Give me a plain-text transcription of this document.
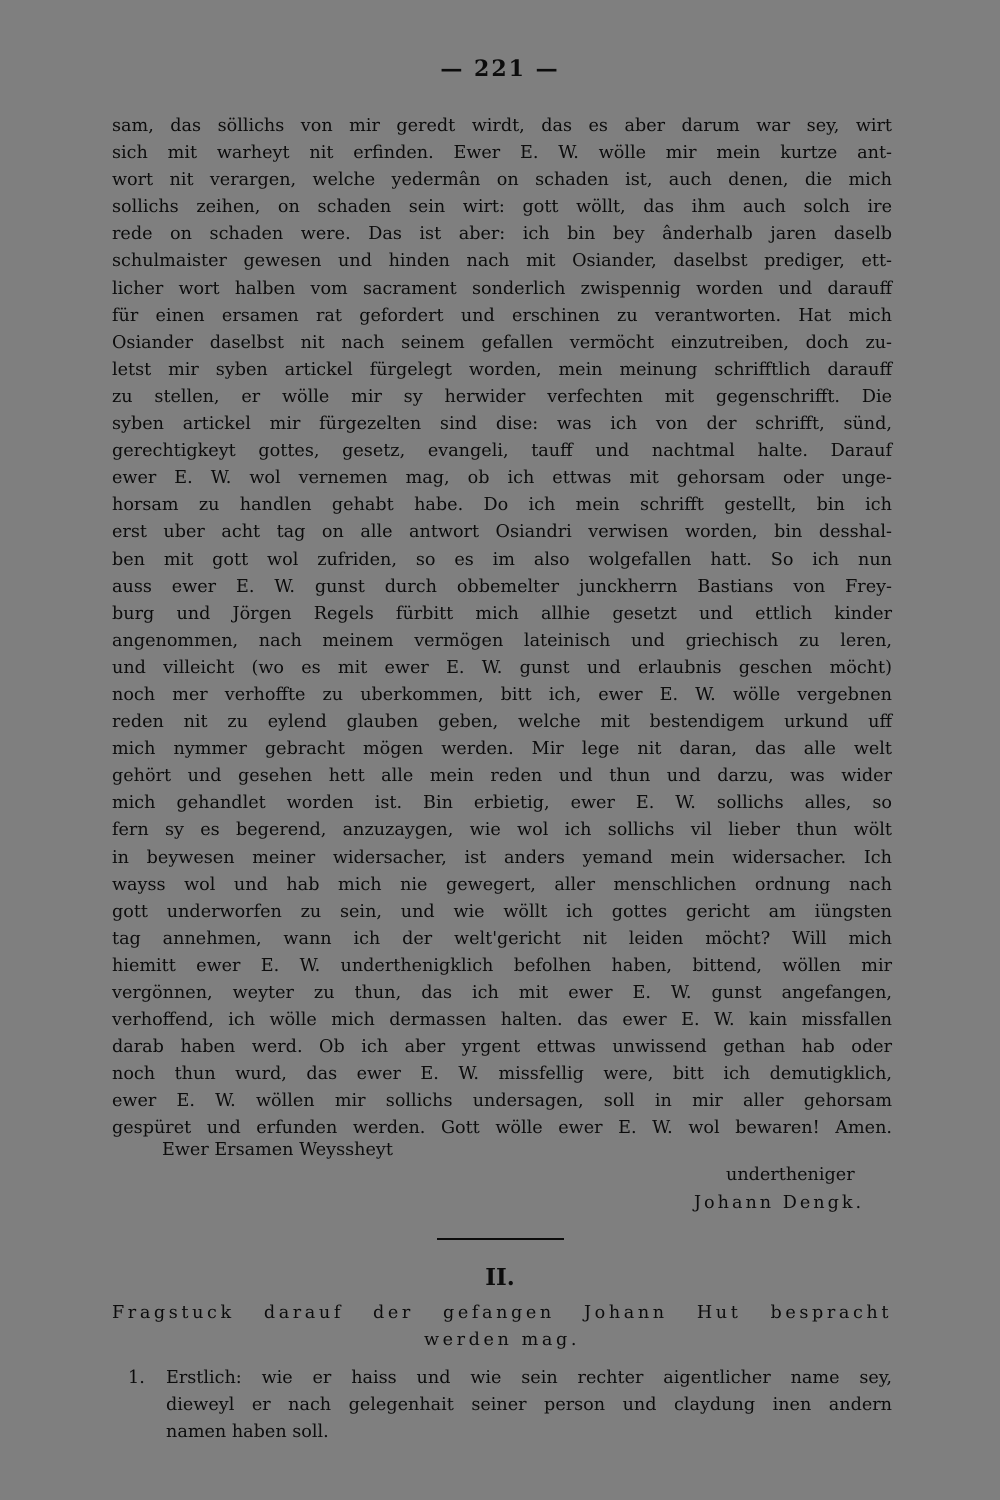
— 221 —
sam, das söllichs von mir geredt wirdt, das es aber darum war sey, wirt
sich mit warheyt nit erfinden. Ewer E. W. wölle mir mein kurtze ant-
wort nit verargen, welche yedermân on schaden ist, auch denen, die mich
sollichs zeihen, on schaden sein wirt: gott wöllt, das ihm auch solch ire
rede on schaden were. Das ist aber: ich bin bey ânderhalb jaren daselb
schulmaister gewesen und hinden nach mit Osiander, daselbst prediger, ett-
licher wort halben vom sacrament sonderlich zwispennig worden und darauff
für einen ersamen rat gefordert und erschinen zu verantworten. Hat mich
Osiander daselbst nit nach seinem gefallen vermöcht einzutreiben, doch zu-
letst mir syben artickel fürgelegt worden, mein meinung schrifftlich darauff
zu stellen, er wölle mir sy herwider verfechten mit gegenschrifft. Die
syben artickel mir fürgezelten sind dise: was ich von der schrifft, sünd,
gerechtigkeyt gottes, gesetz, evangeli, tauff und nachtmal halte. Darauf
ewer E. W. wol vernemen mag, ob ich ettwas mit gehorsam oder unge-
horsam zu handlen gehabt habe. Do ich mein schrifft gestellt, bin ich
erst uber acht tag on alle antwort Osiandri verwisen worden, bin desshal-
ben mit gott wol zufriden, so es im also wolgefallen hatt. So ich nun
auss ewer E. W. gunst durch obbemelter junckherrn Bastians von Frey-
burg und Jörgen Regels fürbitt mich allhie gesetzt und ettlich kinder
angenommen, nach meinem vermögen lateinisch und griechisch zu leren,
und villeicht (wo es mit ewer E. W. gunst und erlaubnis geschen möcht)
noch mer verhoffte zu uberkommen, bitt ich, ewer E. W. wölle vergebnen
reden nit zu eylend glauben geben, welche mit bestendigem urkund uff
mich nymmer gebracht mögen werden. Mir lege nit daran, das alle welt
gehört und gesehen hett alle mein reden und thun und darzu, was wider
mich gehandlet worden ist. Bin erbietig, ewer E. W. sollichs alles, so
fern sy es begerend, anzuzaygen, wie wol ich sollichs vil lieber thun wölt
in beywesen meiner widersacher, ist anders yemand mein widersacher. Ich
wayss wol und hab mich nie gewegert, aller menschlichen ordnung nach
gott underworfen zu sein, und wie wöllt ich gottes gericht am iüngsten
tag annehmen, wann ich der welt'gericht nit leiden möcht? Will mich
hiemitt ewer E. W. underthenigklich befolhen haben, bittend, wöllen mir
vergönnen, weyter zu thun, das ich mit ewer E. W. gunst angefangen,
verhoffend, ich wölle mich dermassen halten. das ewer E. W. kain missfallen
darab haben werd. Ob ich aber yrgent ettwas unwissend gethan hab oder
noch thun wurd, das ewer E. W. missfellig were, bitt ich demutigklich,
ewer E. W. wöllen mir sollichs undersagen, soll in mir aller gehorsam
gespüret und erfunden werden. Gott wölle ewer E. W. wol bewaren! Amen.
Ewer Ersamen Weyssheyt
undertheniger
Johann Dengk.
II.
Fragstuck darauf der gefangen Johann Hut bespracht
werden mag.
1. Erstlich: wie er haiss und wie sein rechter aigentlicher name sey,
dieweyl er nach gelegenhait seiner person und claydung inen andern
namen haben soll.
